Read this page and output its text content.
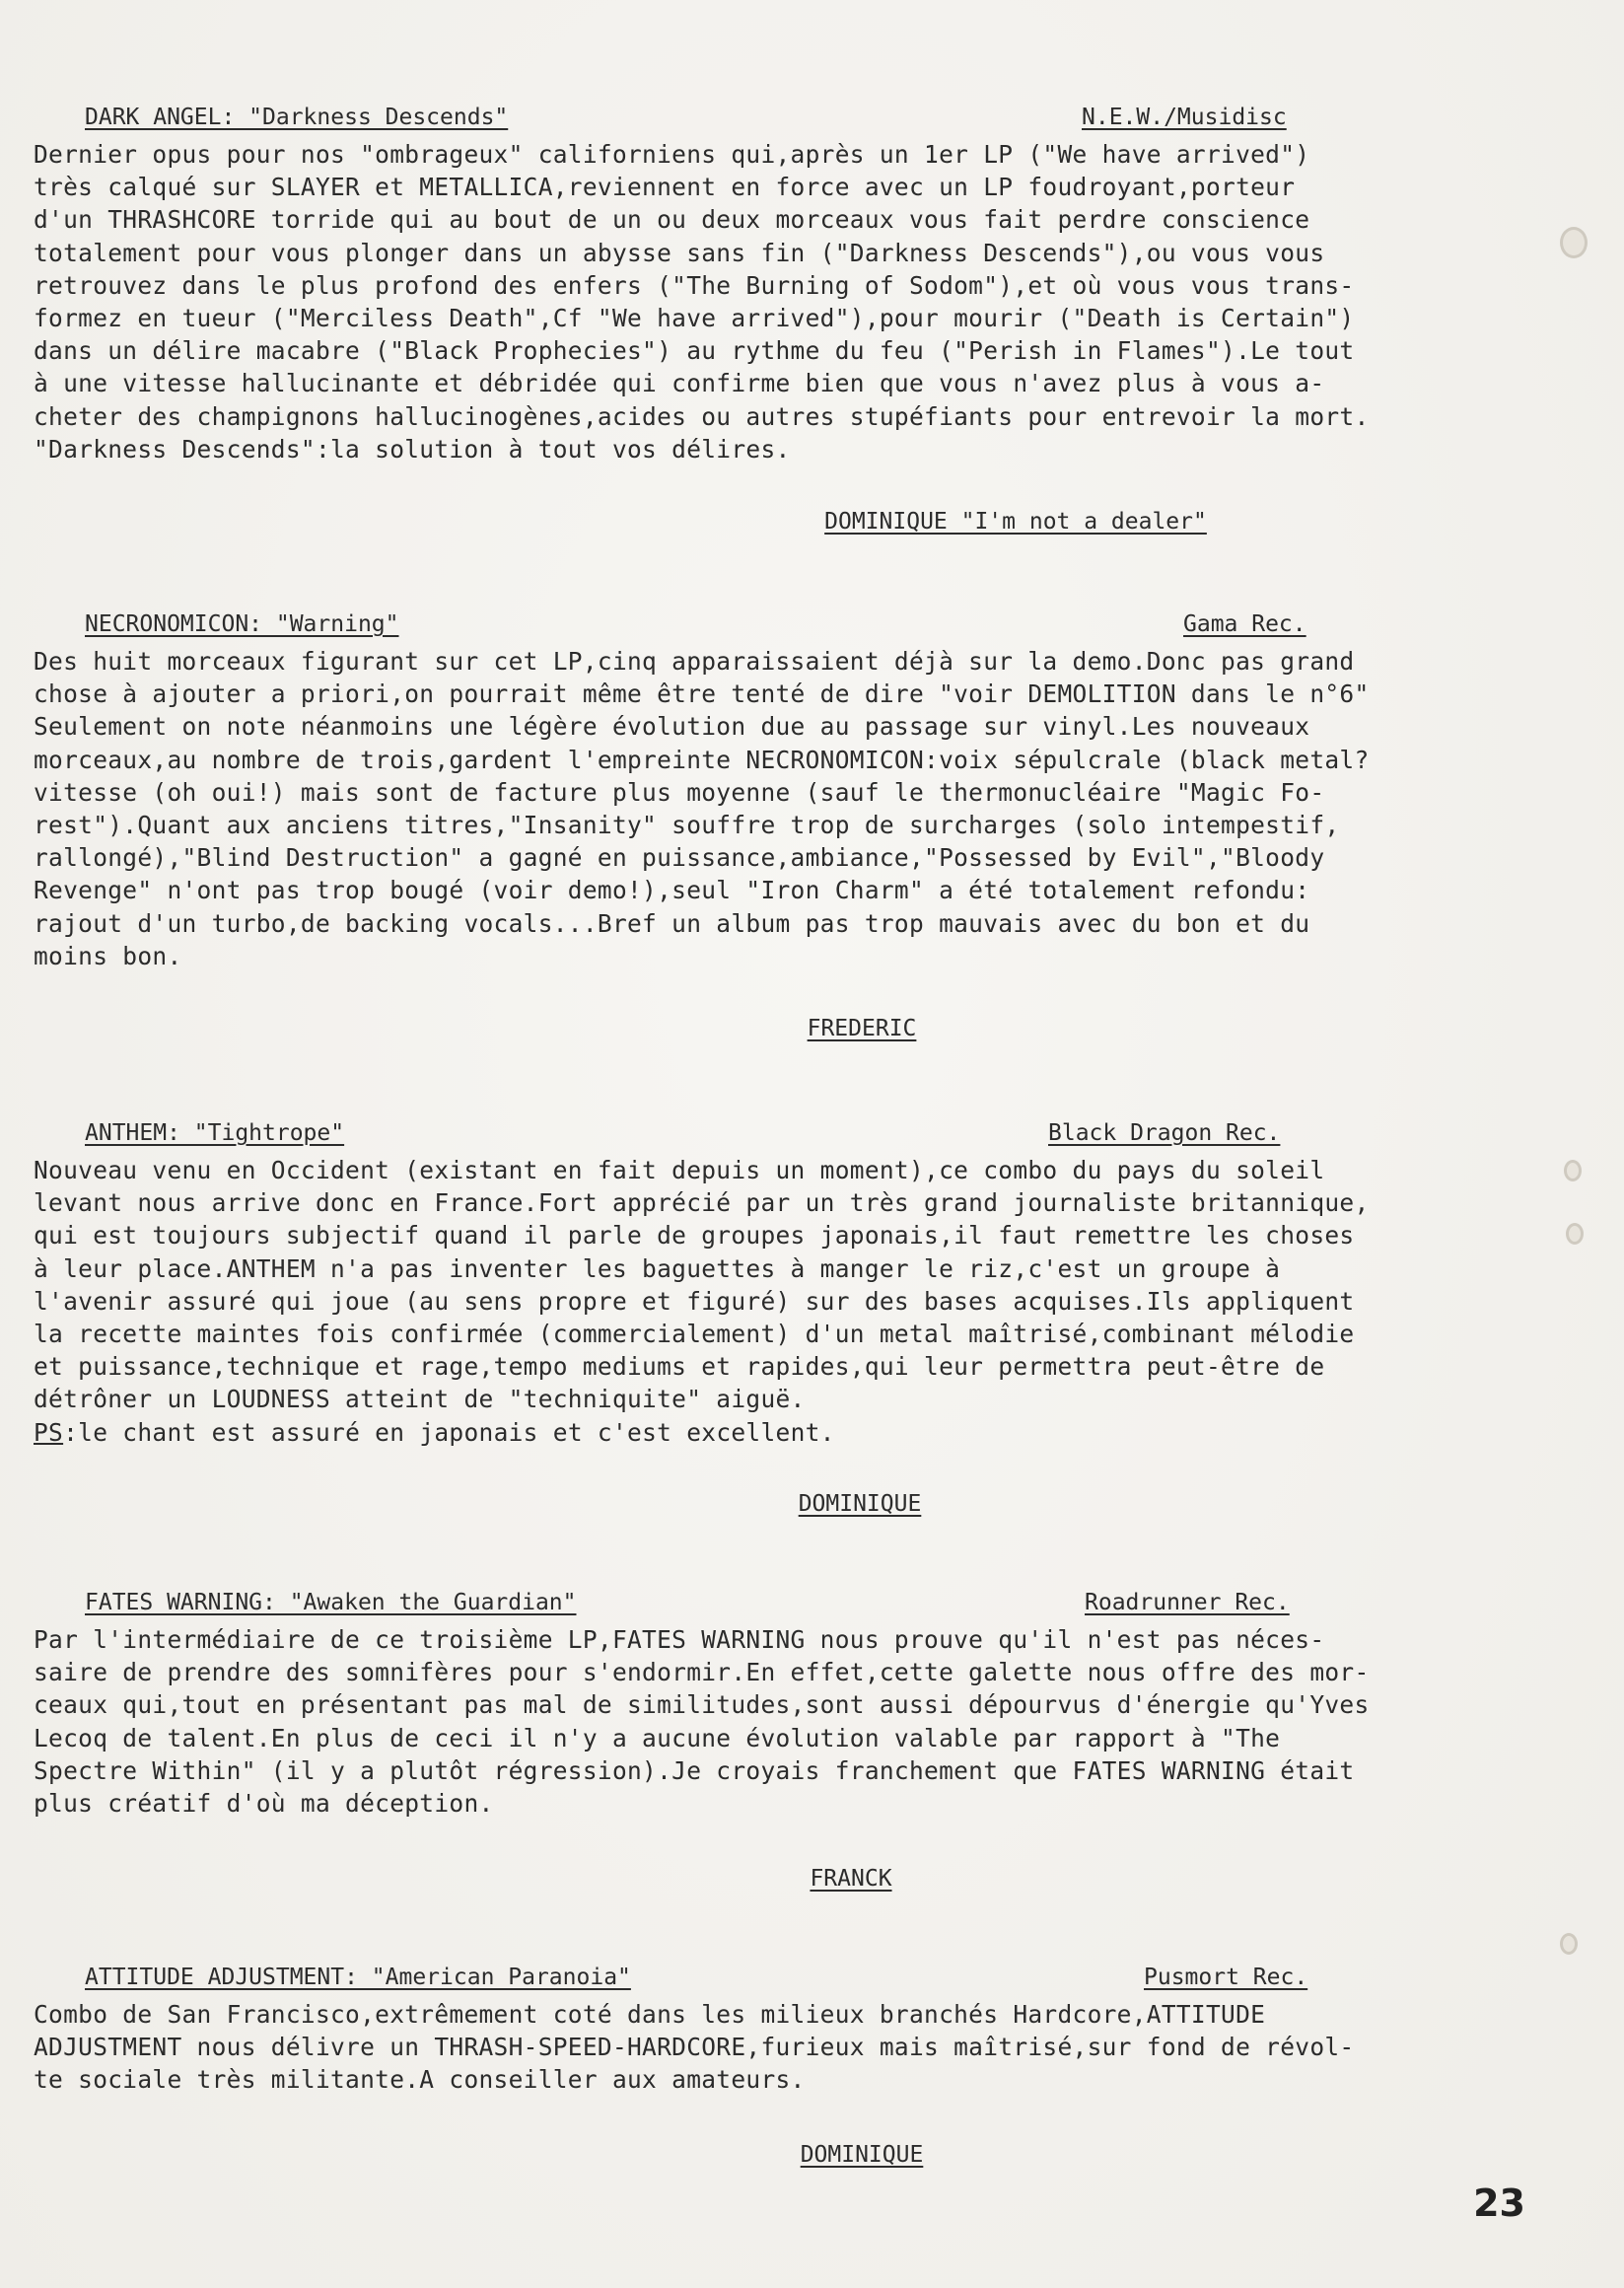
DARK ANGEL: "Darkness Descends"	N.E.W./Musidisc
Dernier opus pour nos "ombrageux" californiens qui,après un 1er LP ("We have arrived")
très calqué sur SLAYER et METALLICA,reviennent en force avec un LP foudroyant,porteur
d'un THRASHCORE torride qui au bout de un ou deux morceaux vous fait perdre conscience
totalement pour vous plonger dans un abysse sans fin ("Darkness Descends"),ou vous vous
retrouvez dans le plus profond des enfers ("The Burning of Sodom"),et où vous vous trans-
formez en tueur ("Merciless Death",Cf "We have arrived"),pour mourir ("Death is Certain")
dans un délire macabre ("Black Prophecies") au rythme du feu ("Perish in Flames").Le tout
à une vitesse hallucinante et débridée qui confirme bien que vous n'avez plus à vous a-
cheter des champignons hallucinogènes,acides ou autres stupéfiants pour entrevoir la mort.
"Darkness Descends":la solution à tout vos délires.
DOMINIQUE "I'm not a dealer"
NECRONOMICON: "Warning"	Gama Rec.
Des huit morceaux figurant sur cet LP,cinq apparaissaient déjà sur la demo.Donc pas grand
chose à ajouter a priori,on pourrait même être tenté de dire "voir DEMOLITION dans le n°6"
Seulement on note néanmoins une légère évolution due au passage sur vinyl.Les nouveaux
morceaux,au nombre de trois,gardent l'empreinte NECRONOMICON:voix sépulcrale (black metal?
vitesse (oh oui!) mais sont de facture plus moyenne (sauf le thermonucléaire "Magic Fo-
rest").Quant aux anciens titres,"Insanity" souffre trop de surcharges (solo intempestif,
rallongé),"Blind Destruction" a gagné en puissance,ambiance,"Possessed by Evil","Bloody
Revenge" n'ont pas trop bougé (voir demo!),seul "Iron Charm" a été totalement refondu:
rajout d'un turbo,de backing vocals...Bref un album pas trop mauvais avec du bon et du
moins bon.
FREDERIC
ANTHEM: "Tightrope"	Black Dragon Rec.
Nouveau venu en Occident (existant en fait depuis un moment),ce combo du pays du soleil
levant nous arrive donc en France.Fort apprécié par un très grand journaliste britannique,
qui est toujours subjectif quand il parle de groupes japonais,il faut remettre les choses
à leur place.ANTHEM n'a pas inventer les baguettes à manger le riz,c'est un groupe à
l'avenir assuré qui joue (au sens propre et figuré) sur des bases acquises.Ils appliquent
la recette maintes fois confirmée (commercialement) d'un metal maîtrisé,combinant mélodie
et puissance,technique et rage,tempo mediums et rapides,qui leur permettra peut-être de
détrôner un LOUDNESS atteint de "techniquite" aiguë.
PS:le chant est assuré en japonais et c'est excellent.
DOMINIQUE
FATES WARNING: "Awaken the Guardian"	Roadrunner Rec.
Par l'intermédiaire de ce troisième LP,FATES WARNING nous prouve qu'il n'est pas néces-
saire de prendre des somnifères pour s'endormir.En effet,cette galette nous offre des mor-
ceaux qui,tout en présentant pas mal de similitudes,sont aussi dépourvus d'énergie qu'Yves
Lecoq de talent.En plus de ceci il n'y a aucune évolution valable par rapport à "The
Spectre Within" (il y a plutôt régression).Je croyais franchement que FATES WARNING était
plus créatif d'où ma déception.
FRANCK
ATTITUDE ADJUSTMENT: "American Paranoia"	Pusmort Rec.
Combo de San Francisco,extrêmement coté dans les milieux branchés Hardcore,ATTITUDE
ADJUSTMENT nous délivre un THRASH-SPEED-HARDCORE,furieux mais maîtrisé,sur fond de révol-
te sociale très militante.A conseiller aux amateurs.
DOMINIQUE
23
